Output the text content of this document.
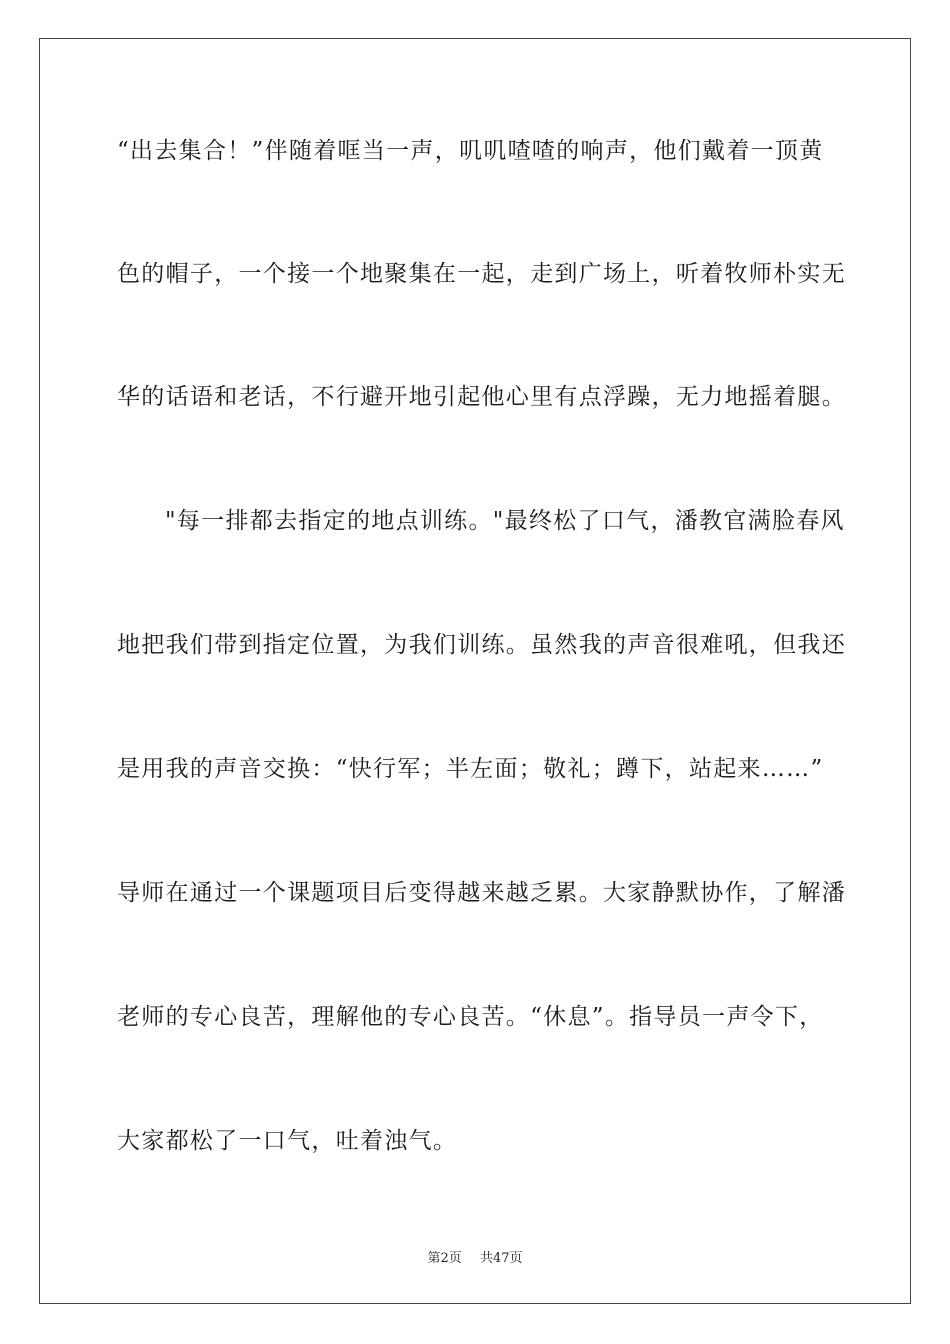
“出去集合！”伴随着哐当一声，叽叽喳喳的响声，他们戴着一顶黄
色的帽子，一个接一个地聚集在一起，走到广场上，听着牧师朴实无
华的话语和老话，不行避开地引起他心里有点浮躁，无力地摇着腿。
"每一排都去指定的地点训练。"最终松了口气，潘教官满脸春风
地把我们带到指定位置，为我们训练。虽然我的声音很难吼，但我还
是用我的声音交换：“快行军；半左面；敬礼；蹲下，站起来……”
导师在通过一个课题项目后变得越来越乏累。大家静默协作，了解潘
老师的专心良苦，理解他的专心良苦。“休息”。指导员一声令下，
大家都松了一口气，吐着浊气。
第2页 共47页
